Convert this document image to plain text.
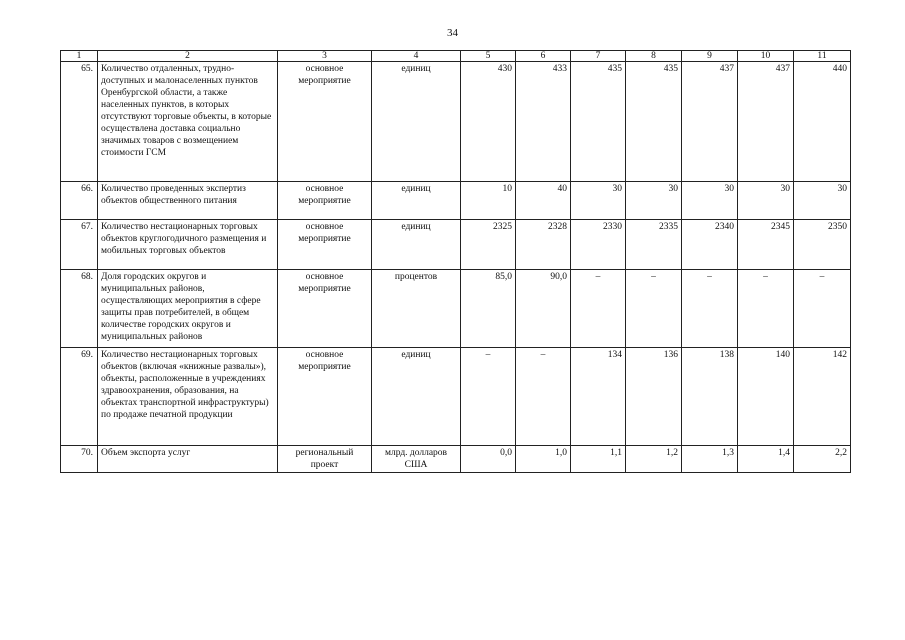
34
1	2	3	4	5	6	7	8	9	10	11
65.	Количество отдаленных, трудно-доступных и малонаселенных пунктов Оренбургской области, а также населенных пунктов, в которых отсутствуют торговые объекты, в которые осуществлена доставка социально значимых товаров с возмещением стоимости ГСМ	основное мероприятие	единиц	430	433	435	435	437	437	440
66.	Количество проведенных экспертиз объектов общественного питания	основное мероприятие	единиц	10	40	30	30	30	30	30
67.	Количество нестационарных торговых объектов круглогодичного размещения и мобильных торговых объектов	основное мероприятие	единиц	2325	2328	2330	2335	2340	2345	2350
68.	Доля городских округов и муниципальных районов, осуществляющих мероприятия в сфере защиты прав потребителей, в общем количестве городских округов и муниципальных районов	основное мероприятие	процентов	85,0	90,0	–	–	–	–	–
69.	Количество нестационарных торговых объектов (включая «книжные развалы»), объекты, расположенные в учреждениях здравоохранения, образования, на объектах транспортной инфраструктуры) по продаже печатной продукции	основное мероприятие	единиц	–	–	134	136	138	140	142
70.	Объем экспорта услуг	региональный проект	млрд. долларов США	0,0	1,0	1,1	1,2	1,3	1,4	2,2
